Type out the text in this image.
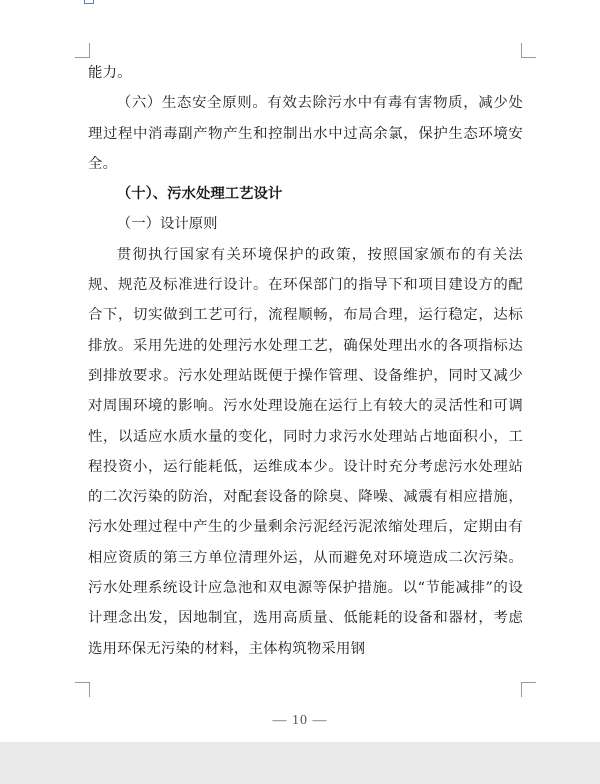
能力。

（六）生态安全原则。有效去除污水中有毒有害物质，减少处理过程中消毒副产物产生和控制出水中过高余氯，保护生态环境安全。

（十）、污水处理工艺设计

（一）设计原则

贯彻执行国家有关环境保护的政策，按照国家颁布的有关法规、规范及标准进行设计。在环保部门的指导下和项目建设方的配合下，切实做到工艺可行，流程顺畅，布局合理，运行稳定，达标排放。采用先进的处理污水处理工艺，确保处理出水的各项指标达到排放要求。污水处理站既便于操作管理、设备维护，同时又减少对周围环境的影响。污水处理设施在运行上有较大的灵活性和可调性，以适应水质水量的变化，同时力求污水处理站占地面积小，工程投资小，运行能耗低，运维成本少。设计时充分考虑污水处理站的二次污染的防治，对配套设备的除臭、降噪、减震有相应措施，污水处理过程中产生的少量剩余污泥经污泥浓缩处理后，定期由有相应资质的第三方单位清理外运，从而避免对环境造成二次污染。污水处理系统设计应急池和双电源等保护措施。以“节能减排”的设计理念出发，因地制宜，选用高质量、低能耗的设备和器材，考虑选用环保无污染的材料，主体构筑物采用钢

— 10 —
